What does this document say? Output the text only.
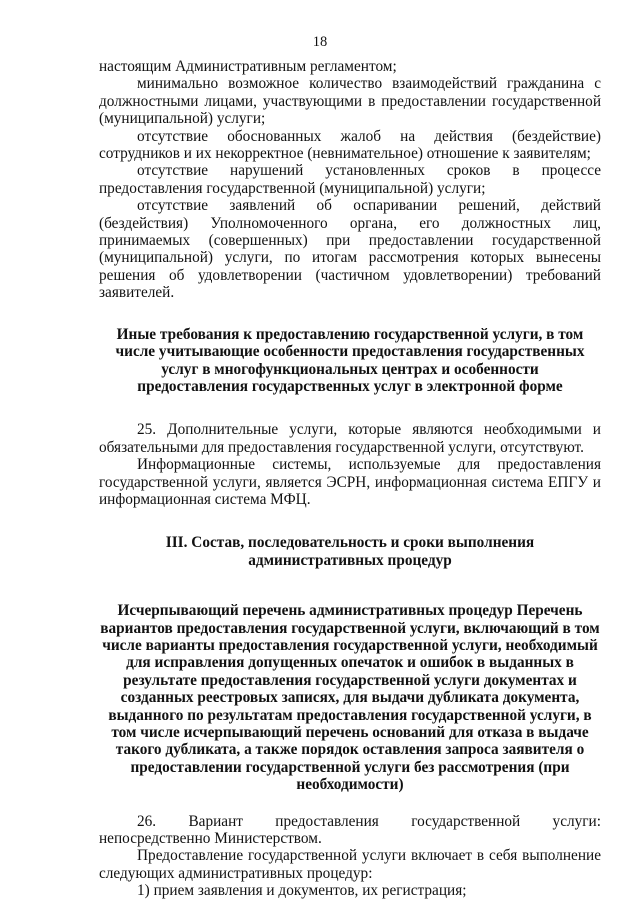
18

настоящим Административным регламентом;

минимально возможное количество взаимодействий гражданина с должностными лицами, участвующими в предоставлении государственной (муниципальной) услуги;

отсутствие обоснованных жалоб на действия (бездействие) сотрудников и их некорректное (невнимательное) отношение к заявителям;

отсутствие нарушений установленных сроков в процессе предоставления государственной (муниципальной) услуги;

отсутствие заявлений об оспаривании решений, действий (бездействия) Уполномоченного органа, его должностных лиц, принимаемых (совершенных) при предоставлении государственной (муниципальной) услуги, по итогам рассмотрения которых вынесены решения об удовлетворении (частичном удовлетворении) требований заявителей.

Иные требования к предоставлению государственной услуги, в том числе учитывающие особенности предоставления государственных услуг в многофункциональных центрах и особенности предоставления государственных услуг в электронной форме

25. Дополнительные услуги, которые являются необходимыми и обязательными для предоставления государственной услуги, отсутствуют.

Информационные системы, используемые для предоставления государственной услуги, является ЭСРН, информационная система ЕПГУ и информационная система МФЦ.

III. Состав, последовательность и сроки выполнения административных процедур

Исчерпывающий перечень административных процедур Перечень вариантов предоставления государственной услуги, включающий в том числе варианты предоставления государственной услуги, необходимый для исправления допущенных опечаток и ошибок в выданных в результате предоставления государственной услуги документах и созданных реестровых записях, для выдачи дубликата документа, выданного по результатам предоставления государственной услуги, в том числе исчерпывающий перечень оснований для отказа в выдаче такого дубликата, а также порядок оставления запроса заявителя о предоставлении государственной услуги без рассмотрения (при необходимости)

26. Вариант предоставления государственной услуги: непосредственно Министерством.

Предоставление государственной услуги включает в себя выполнение следующих административных процедур:

1) прием заявления и документов, их регистрация;
